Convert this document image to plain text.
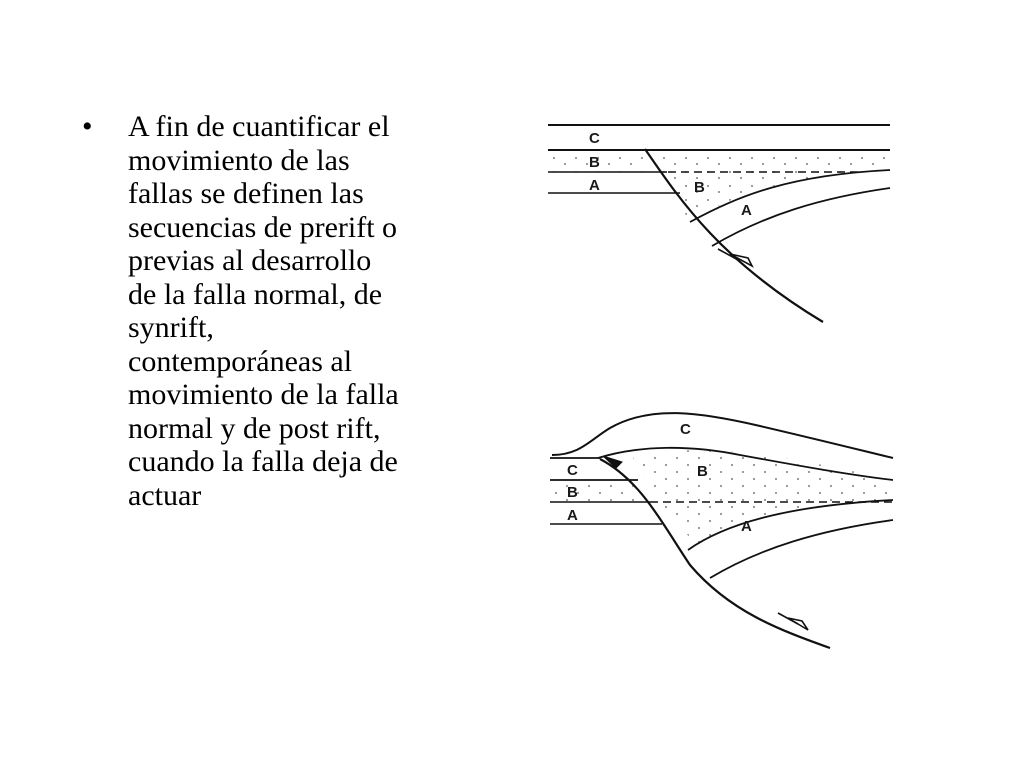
• A fin de cuantificar el
movimiento de las
fallas se definen las
secuencias de prerift o
previas al desarrollo
de la falla normal, de
synrift,
contemporáneas al
movimiento de la falla
normal y de post rift,
cuando la falla deja de
actuar
C
B
A	B
A
C
C
B
A
B
A
